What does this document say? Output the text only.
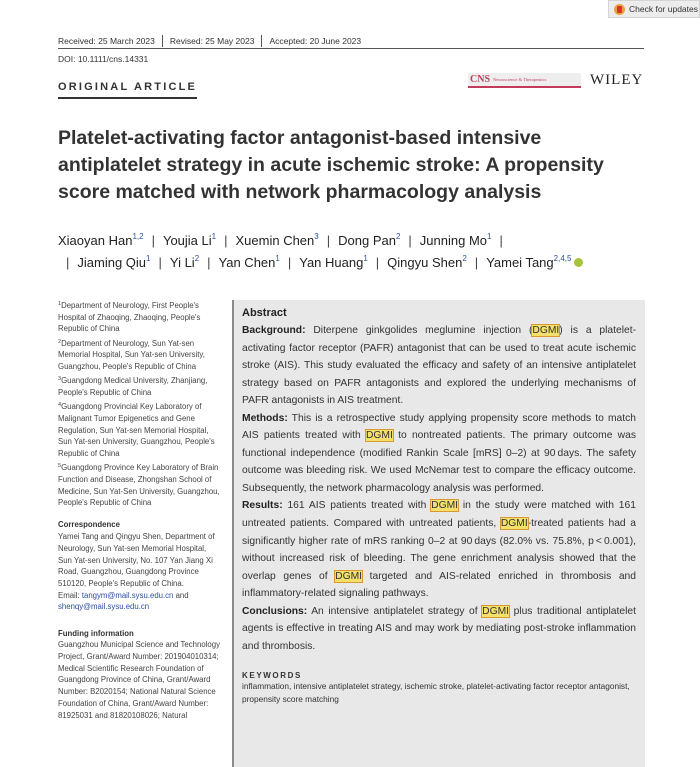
Check for updates
Received: 25 March 2023	Revised: 25 May 2023	Accepted: 20 June 2023
DOI: 10.1111/cns.14331
ORIGINAL ARTICLE
CNS Neuroscience & Therapeutics	WILEY
Platelet-activating factor antagonist-based intensive antiplatelet strategy in acute ischemic stroke: A propensity score matched with network pharmacology analysis
Xiaoyan Han$^{1,2}$ | Youjia Li$^1$ | Xuemin Chen$^3$ | Dong Pan$^2$ | Junning Mo$^1$ |
| Jiaming Qiu$^1$ | Yi Li$^2$ | Yan Chen$^1$ | Yan Huang$^1$ | Qingyu Shen$^2$ | Yamei Tang$^{2,4,5}$

$^1$Department of Neurology, First People's Hospital of Zhaoqing, Zhaoqing, People's Republic of China

$^2$Department of Neurology, Sun Yat-sen Memorial Hospital, Sun Yat-sen University, Guangzhou, People's Republic of China

$^3$Guangdong Medical University, Zhanjiang, People's Republic of China

$^4$Guangdong Provincial Key Laboratory of Malignant Tumor Epigenetics and Gene Regulation, Sun Yat-sen Memorial Hospital, Sun Yat-sen University, Guangzhou, People's Republic of China

$^5$Guangdong Province Key Laboratory of Brain Function and Disease, Zhongshan School of Medicine, Sun Yat-Sen University, Guangzhou, People's Republic of China

Correspondence

Yamei Tang and Qingyu Shen, Department of Neurology, Sun Yat-sen Memorial Hospital, Sun Yat-sen University, No. 107 Yan Jiang Xi Road, Guangzhou, Guangdong Province 510120, People's Republic of China.
Email: tangym@mail.sysu.edu.cn and shenqy@mail.sysu.edu.cn

Funding information

Guangzhou Municipal Science and Technology Project, Grant/Award Number: 201904010314; Medical Scientific Research Foundation of Guangdong Province of China, Grant/Award Number: B2020154; National Natural Science Foundation of China, Grant/Award Number: 81925031 and 81820108026; Natural

Abstract

Background: Diterpene ginkgolides meglumine injection (DGMI) is a platelet-activating factor receptor (PAFR) antagonist that can be used to treat acute ischemic stroke (AIS). This study evaluated the efficacy and safety of an intensive antiplatelet strategy based on PAFR antagonists and explored the underlying mechanisms of PAFR antagonists in AIS treatment.

Methods: This is a retrospective study applying propensity score methods to match AIS patients treated with DGMI to nontreated patients. The primary outcome was functional independence (modified Rankin Scale [mRS] 0–2) at 90 days. The safety outcome was bleeding risk. We used McNemar test to compare the efficacy outcome. Subsequently, the network pharmacology analysis was performed.

Results: 161 AIS patients treated with DGMI in the study were matched with 161 untreated patients. Compared with untreated patients, DGMI-treated patients had a significantly higher rate of mRS ranking 0–2 at 90 days (82.0% vs. 75.8%, p < 0.001), without increased risk of bleeding. The gene enrichment analysis showed that the overlap genes of DGMI targeted and AIS-related enriched in thrombosis and inflammatory-related signaling pathways.

Conclusions: An intensive antiplatelet strategy of DGMI plus traditional antiplatelet agents is effective in treating AIS and may work by mediating post-stroke inflammation and thrombosis.

KEYWORDS
inflammation, intensive antiplatelet strategy, ischemic stroke, platelet-activating factor receptor antagonist, propensity score matching
